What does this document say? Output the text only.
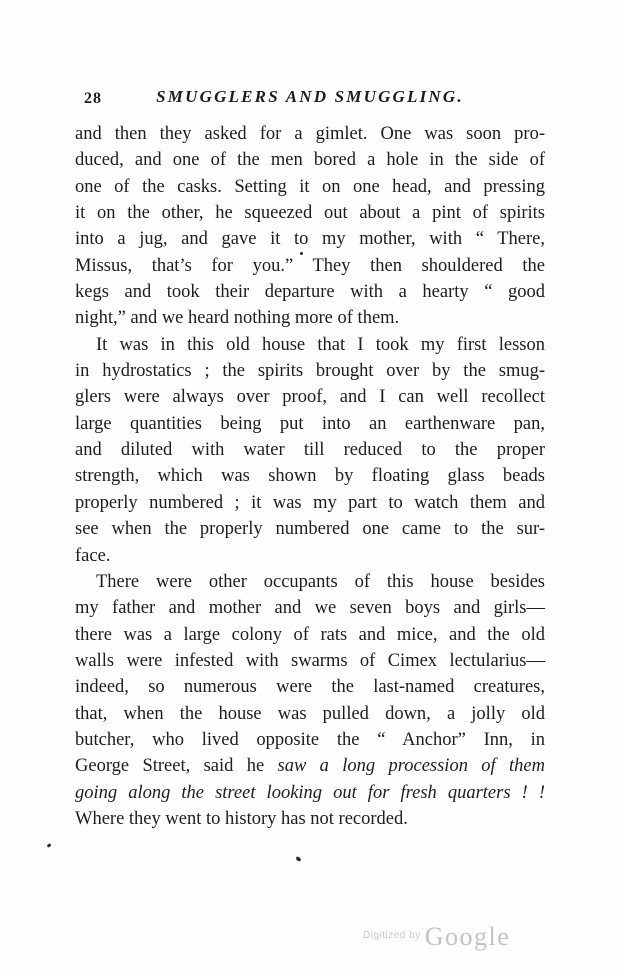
28	SMUGGLERS AND SMUGGLING.
and then they asked for a gimlet. One was soon pro-
duced, and one of the men bored a hole in the side of
one of the casks. Setting it on one head, and pressing
it on the other, he squeezed out about a pint of spirits
into a jug, and gave it to my mother, with “ There,
Missus, that’s for you.” They then shouldered the
kegs and took their departure with a hearty “ good
night,” and we heard nothing more of them.
It was in this old house that I took my first lesson
in hydrostatics ; the spirits brought over by the smug-
glers were always over proof, and I can well recollect
large quantities being put into an earthenware pan,
and diluted with water till reduced to the proper
strength, which was shown by floating glass beads
properly numbered ; it was my part to watch them and
see when the properly numbered one came to the sur-
face.
There were other occupants of this house besides
my father and mother and we seven boys and girls—
there was a large colony of rats and mice, and the old
walls were infested with swarms of Cimex lectularius—
indeed, so numerous were the last-named creatures,
that, when the house was pulled down, a jolly old
butcher, who lived opposite the “ Anchor” Inn, in
George Street, said he saw a long procession of them
going along the street looking out for fresh quarters ! !
Where they went to history has not recorded.
$^{Digitized by}$ Google
